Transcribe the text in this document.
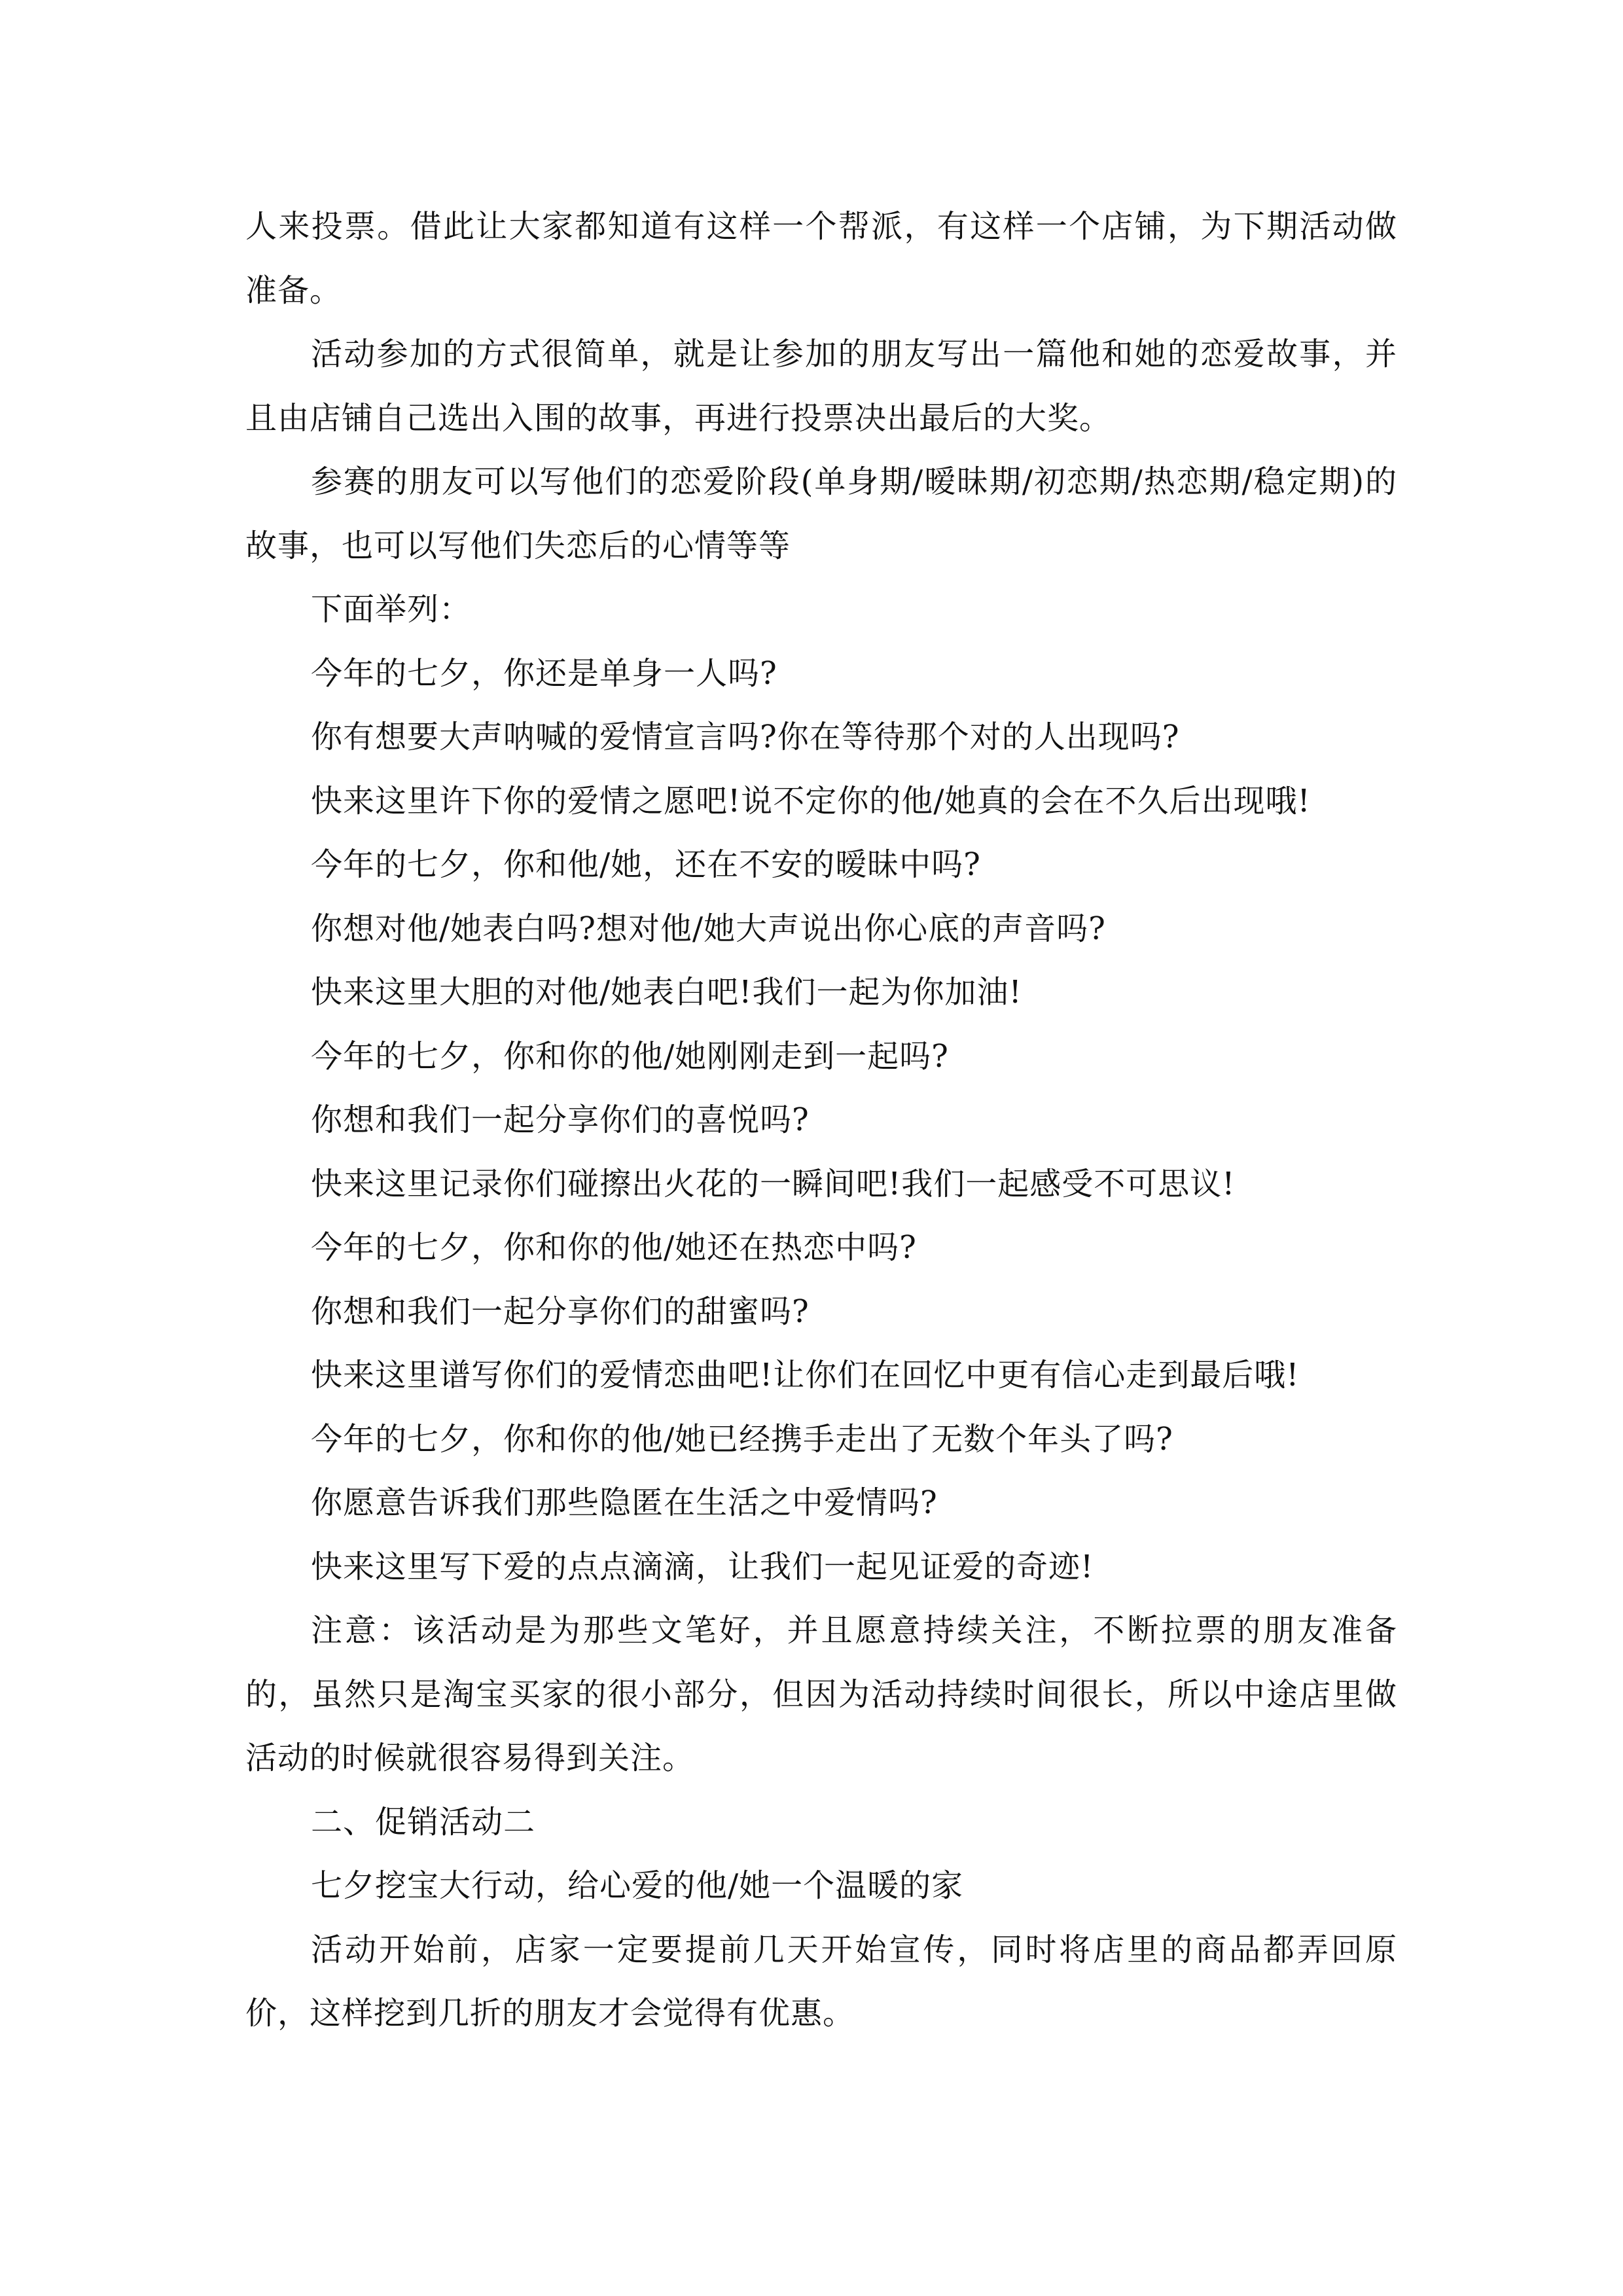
人来投票。借此让大家都知道有这样一个帮派，有这样一个店铺，为下期活动做准备。

活动参加的方式很简单，就是让参加的朋友写出一篇他和她的恋爱故事，并且由店铺自己选出入围的故事，再进行投票决出最后的大奖。

参赛的朋友可以写他们的恋爱阶段(单身期/暧昧期/初恋期/热恋期/稳定期)的故事，也可以写他们失恋后的心情等等

下面举列：

今年的七夕，你还是单身一人吗?

你有想要大声呐喊的爱情宣言吗?你在等待那个对的人出现吗?

快来这里许下你的爱情之愿吧!说不定你的他/她真的会在不久后出现哦!

今年的七夕，你和他/她，还在不安的暧昧中吗?

你想对他/她表白吗?想对他/她大声说出你心底的声音吗?

快来这里大胆的对他/她表白吧!我们一起为你加油!

今年的七夕，你和你的他/她刚刚走到一起吗?

你想和我们一起分享你们的喜悦吗?

快来这里记录你们碰擦出火花的一瞬间吧!我们一起感受不可思议!

今年的七夕，你和你的他/她还在热恋中吗?

你想和我们一起分享你们的甜蜜吗?

快来这里谱写你们的爱情恋曲吧!让你们在回忆中更有信心走到最后哦!

今年的七夕，你和你的他/她已经携手走出了无数个年头了吗?

你愿意告诉我们那些隐匿在生活之中爱情吗?

快来这里写下爱的点点滴滴，让我们一起见证爱的奇迹!

注意：该活动是为那些文笔好，并且愿意持续关注，不断拉票的朋友准备的，虽然只是淘宝买家的很小部分，但因为活动持续时间很长，所以中途店里做活动的时候就很容易得到关注。

二、促销活动二

七夕挖宝大行动，给心爱的他/她一个温暖的家

活动开始前，店家一定要提前几天开始宣传，同时将店里的商品都弄回原价，这样挖到几折的朋友才会觉得有优惠。
